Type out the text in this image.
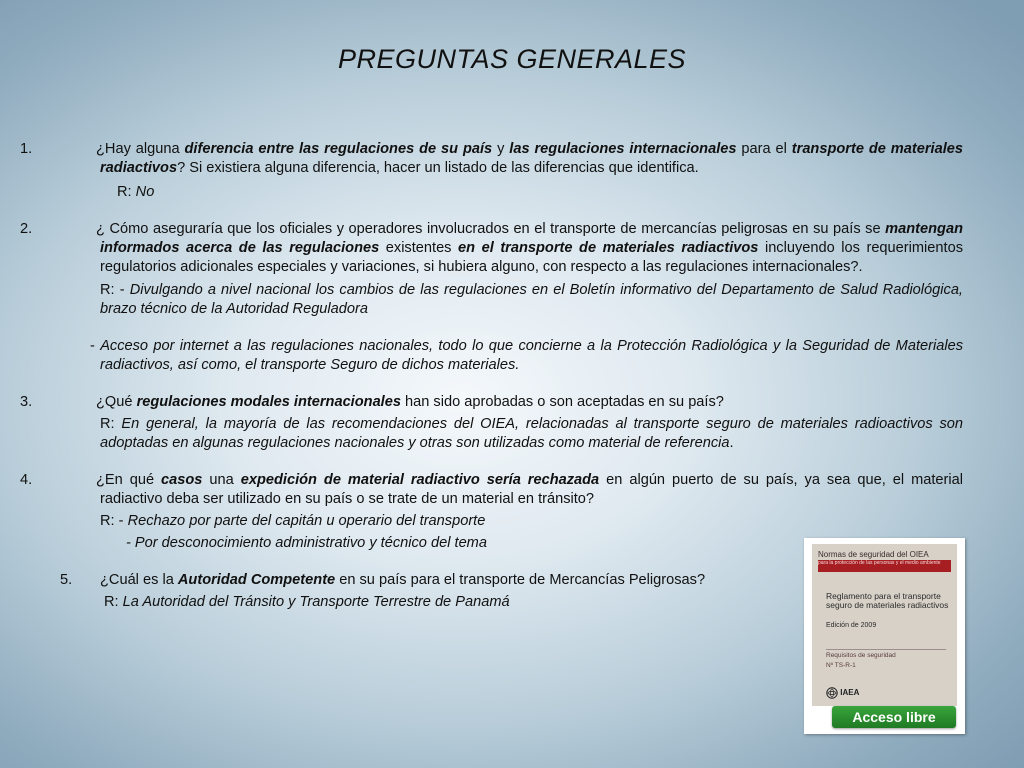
PREGUNTAS GENERALES
1.	¿Hay alguna diferencia entre las regulaciones de su país y las regulaciones internacionales para el transporte de materiales radiactivos? Si existiera alguna diferencia, hacer un listado de las diferencias que identifica.
R: No
2.	¿ Cómo aseguraría que los oficiales y operadores involucrados en el transporte de mercancías peligrosas en su país se mantengan informados acerca de las regulaciones existentes en el transporte de materiales radiactivos incluyendo los requerimientos regulatorios adicionales especiales y variaciones, si hubiera alguno, con respecto a las regulaciones internacionales?.
R: - Divulgando a nivel nacional los cambios de las regulaciones en el Boletín informativo del Departamento de Salud Radiológica, brazo técnico de la Autoridad Reguladora
- Acceso por internet a las regulaciones nacionales, todo lo que concierne a la Protección Radiológica y la Seguridad de Materiales radiactivos, así como, el transporte Seguro de dichos materiales.
3.	¿Qué regulaciones modales internacionales han sido aprobadas o son aceptadas en su país?
R: En general, la mayoría de las recomendaciones del OIEA, relacionadas al transporte seguro de materiales radioactivos son adoptadas en algunas regulaciones nacionales y otras son utilizadas como material de referencia.
4.	¿En qué casos una expedición de material radiactivo sería rechazada en algún puerto de su país, ya sea que, el material radiactivo deba ser utilizado en su país o se trate de un material en tránsito?
R: - Rechazo por parte del capitán u operario del transporte
- Por desconocimiento administrativo y técnico del tema
5. ¿Cuál es la Autoridad Competente en su país para el transporte de Mercancías Peligrosas?
R: La Autoridad del Tránsito y Transporte Terrestre de Panamá
Normas de seguridad del OIEA
para la protección de las personas y el medio ambiente
Reglamento para el transporte seguro de materiales radiactivos
Edición de 2009
Requisitos de seguridad
Nº TS-R-1
IAEA
Acceso libre
